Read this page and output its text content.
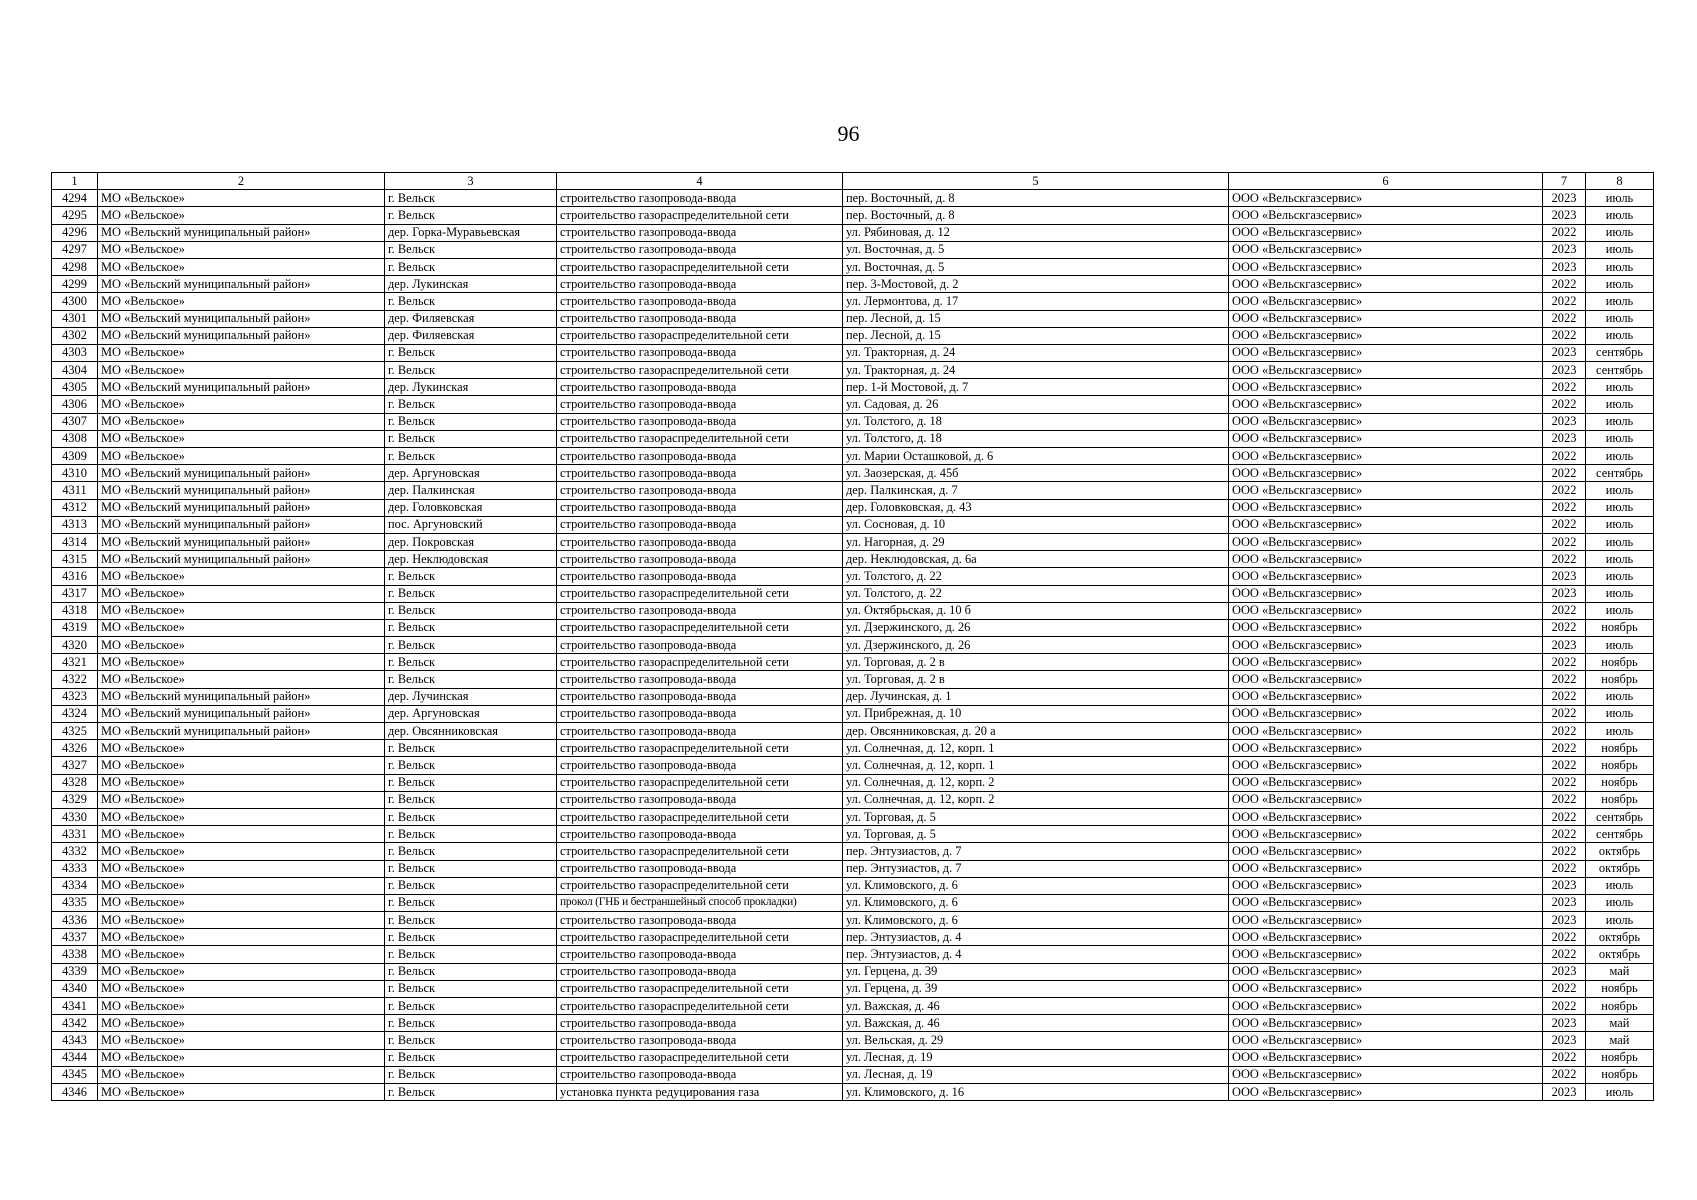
96
1	2	3	4	5	6	7	8
4294	МО «Вельское»	г. Вельск	строительство газопровода-ввода	пер. Восточный, д. 8	ООО «Вельскгазсервис»	2023	июль
4295	МО «Вельское»	г. Вельск	строительство газораспределительной сети	пер. Восточный, д. 8	ООО «Вельскгазсервис»	2023	июль
4296	МО «Вельский муниципальный район»	дер. Горка-Муравьевская	строительство газопровода-ввода	ул. Рябиновая, д. 12	ООО «Вельскгазсервис»	2022	июль
4297	МО «Вельское»	г. Вельск	строительство газопровода-ввода	ул. Восточная, д. 5	ООО «Вельскгазсервис»	2023	июль
4298	МО «Вельское»	г. Вельск	строительство газораспределительной сети	ул. Восточная, д. 5	ООО «Вельскгазсервис»	2023	июль
4299	МО «Вельский муниципальный район»	дер. Лукинская	строительство газопровода-ввода	пер. 3-Мостовой, д. 2	ООО «Вельскгазсервис»	2022	июль
4300	МО «Вельское»	г. Вельск	строительство газопровода-ввода	ул. Лермонтова, д. 17	ООО «Вельскгазсервис»	2022	июль
4301	МО «Вельский муниципальный район»	дер. Филяевская	строительство газопровода-ввода	пер. Лесной, д. 15	ООО «Вельскгазсервис»	2022	июль
4302	МО «Вельский муниципальный район»	дер. Филяевская	строительство газораспределительной сети	пер. Лесной, д. 15	ООО «Вельскгазсервис»	2022	июль
4303	МО «Вельское»	г. Вельск	строительство газопровода-ввода	ул. Тракторная, д. 24	ООО «Вельскгазсервис»	2023	сентябрь
4304	МО «Вельское»	г. Вельск	строительство газораспределительной сети	ул. Тракторная, д. 24	ООО «Вельскгазсервис»	2023	сентябрь
4305	МО «Вельский муниципальный район»	дер. Лукинская	строительство газопровода-ввода	пер. 1-й Мостовой, д. 7	ООО «Вельскгазсервис»	2022	июль
4306	МО «Вельское»	г. Вельск	строительство газопровода-ввода	ул. Садовая, д. 26	ООО «Вельскгазсервис»	2022	июль
4307	МО «Вельское»	г. Вельск	строительство газопровода-ввода	ул. Толстого, д. 18	ООО «Вельскгазсервис»	2023	июль
4308	МО «Вельское»	г. Вельск	строительство газораспределительной сети	ул. Толстого, д. 18	ООО «Вельскгазсервис»	2023	июль
4309	МО «Вельское»	г. Вельск	строительство газопровода-ввода	ул. Марии Осташковой, д. 6	ООО «Вельскгазсервис»	2022	июль
4310	МО «Вельский муниципальный район»	дер. Аргуновская	строительство газопровода-ввода	ул. Заозерская, д. 45б	ООО «Вельскгазсервис»	2022	сентябрь
4311	МО «Вельский муниципальный район»	дер. Палкинская	строительство газопровода-ввода	дер. Палкинская, д. 7	ООО «Вельскгазсервис»	2022	июль
4312	МО «Вельский муниципальный район»	дер. Головковская	строительство газопровода-ввода	дер. Головковская, д. 43	ООО «Вельскгазсервис»	2022	июль
4313	МО «Вельский муниципальный район»	пос. Аргуновский	строительство газопровода-ввода	ул. Сосновая, д. 10	ООО «Вельскгазсервис»	2022	июль
4314	МО «Вельский муниципальный район»	дер. Покровская	строительство газопровода-ввода	ул. Нагорная, д. 29	ООО «Вельскгазсервис»	2022	июль
4315	МО «Вельский муниципальный район»	дер. Неклюдовская	строительство газопровода-ввода	дер. Неклюдовская, д. 6а	ООО «Вельскгазсервис»	2022	июль
4316	МО «Вельское»	г. Вельск	строительство газопровода-ввода	ул. Толстого, д. 22	ООО «Вельскгазсервис»	2023	июль
4317	МО «Вельское»	г. Вельск	строительство газораспределительной сети	ул. Толстого, д. 22	ООО «Вельскгазсервис»	2023	июль
4318	МО «Вельское»	г. Вельск	строительство газопровода-ввода	ул. Октябрьская, д. 10 б	ООО «Вельскгазсервис»	2022	июль
4319	МО «Вельское»	г. Вельск	строительство газораспределительной сети	ул. Дзержинского, д. 26	ООО «Вельскгазсервис»	2022	ноябрь
4320	МО «Вельское»	г. Вельск	строительство газопровода-ввода	ул. Дзержинского, д. 26	ООО «Вельскгазсервис»	2023	июль
4321	МО «Вельское»	г. Вельск	строительство газораспределительной сети	ул. Торговая, д. 2 в	ООО «Вельскгазсервис»	2022	ноябрь
4322	МО «Вельское»	г. Вельск	строительство газопровода-ввода	ул. Торговая, д. 2 в	ООО «Вельскгазсервис»	2022	ноябрь
4323	МО «Вельский муниципальный район»	дер. Лучинская	строительство газопровода-ввода	дер. Лучинская, д. 1	ООО «Вельскгазсервис»	2022	июль
4324	МО «Вельский муниципальный район»	дер. Аргуновская	строительство газопровода-ввода	ул. Прибрежная, д. 10	ООО «Вельскгазсервис»	2022	июль
4325	МО «Вельский муниципальный район»	дер. Овсянниковская	строительство газопровода-ввода	дер. Овсянниковская, д. 20 а	ООО «Вельскгазсервис»	2022	июль
4326	МО «Вельское»	г. Вельск	строительство газораспределительной сети	ул. Солнечная, д. 12, корп. 1	ООО «Вельскгазсервис»	2022	ноябрь
4327	МО «Вельское»	г. Вельск	строительство газопровода-ввода	ул. Солнечная, д. 12, корп. 1	ООО «Вельскгазсервис»	2022	ноябрь
4328	МО «Вельское»	г. Вельск	строительство газораспределительной сети	ул. Солнечная, д. 12, корп. 2	ООО «Вельскгазсервис»	2022	ноябрь
4329	МО «Вельское»	г. Вельск	строительство газопровода-ввода	ул. Солнечная, д. 12, корп. 2	ООО «Вельскгазсервис»	2022	ноябрь
4330	МО «Вельское»	г. Вельск	строительство газораспределительной сети	ул. Торговая, д. 5	ООО «Вельскгазсервис»	2022	сентябрь
4331	МО «Вельское»	г. Вельск	строительство газопровода-ввода	ул. Торговая, д. 5	ООО «Вельскгазсервис»	2022	сентябрь
4332	МО «Вельское»	г. Вельск	строительство газораспределительной сети	пер. Энтузиастов, д. 7	ООО «Вельскгазсервис»	2022	октябрь
4333	МО «Вельское»	г. Вельск	строительство газопровода-ввода	пер. Энтузиастов, д. 7	ООО «Вельскгазсервис»	2022	октябрь
4334	МО «Вельское»	г. Вельск	строительство газораспределительной сети	ул. Климовского, д. 6	ООО «Вельскгазсервис»	2023	июль
4335	МО «Вельское»	г. Вельск	прокол (ГНБ и бестраншейный способ прокладки)	ул. Климовского, д. 6	ООО «Вельскгазсервис»	2023	июль
4336	МО «Вельское»	г. Вельск	строительство газопровода-ввода	ул. Климовского, д. 6	ООО «Вельскгазсервис»	2023	июль
4337	МО «Вельское»	г. Вельск	строительство газораспределительной сети	пер. Энтузиастов, д. 4	ООО «Вельскгазсервис»	2022	октябрь
4338	МО «Вельское»	г. Вельск	строительство газопровода-ввода	пер. Энтузиастов, д. 4	ООО «Вельскгазсервис»	2022	октябрь
4339	МО «Вельское»	г. Вельск	строительство газопровода-ввода	ул. Герцена, д. 39	ООО «Вельскгазсервис»	2023	май
4340	МО «Вельское»	г. Вельск	строительство газораспределительной сети	ул. Герцена, д. 39	ООО «Вельскгазсервис»	2022	ноябрь
4341	МО «Вельское»	г. Вельск	строительство газораспределительной сети	ул. Важская, д. 46	ООО «Вельскгазсервис»	2022	ноябрь
4342	МО «Вельское»	г. Вельск	строительство газопровода-ввода	ул. Важская, д. 46	ООО «Вельскгазсервис»	2023	май
4343	МО «Вельское»	г. Вельск	строительство газопровода-ввода	ул. Вельская, д. 29	ООО «Вельскгазсервис»	2023	май
4344	МО «Вельское»	г. Вельск	строительство газораспределительной сети	ул. Лесная, д. 19	ООО «Вельскгазсервис»	2022	ноябрь
4345	МО «Вельское»	г. Вельск	строительство газопровода-ввода	ул. Лесная, д. 19	ООО «Вельскгазсервис»	2022	ноябрь
4346	МО «Вельское»	г. Вельск	установка пункта редуцирования газа	ул. Климовского, д. 16	ООО «Вельскгазсервис»	2023	июль
